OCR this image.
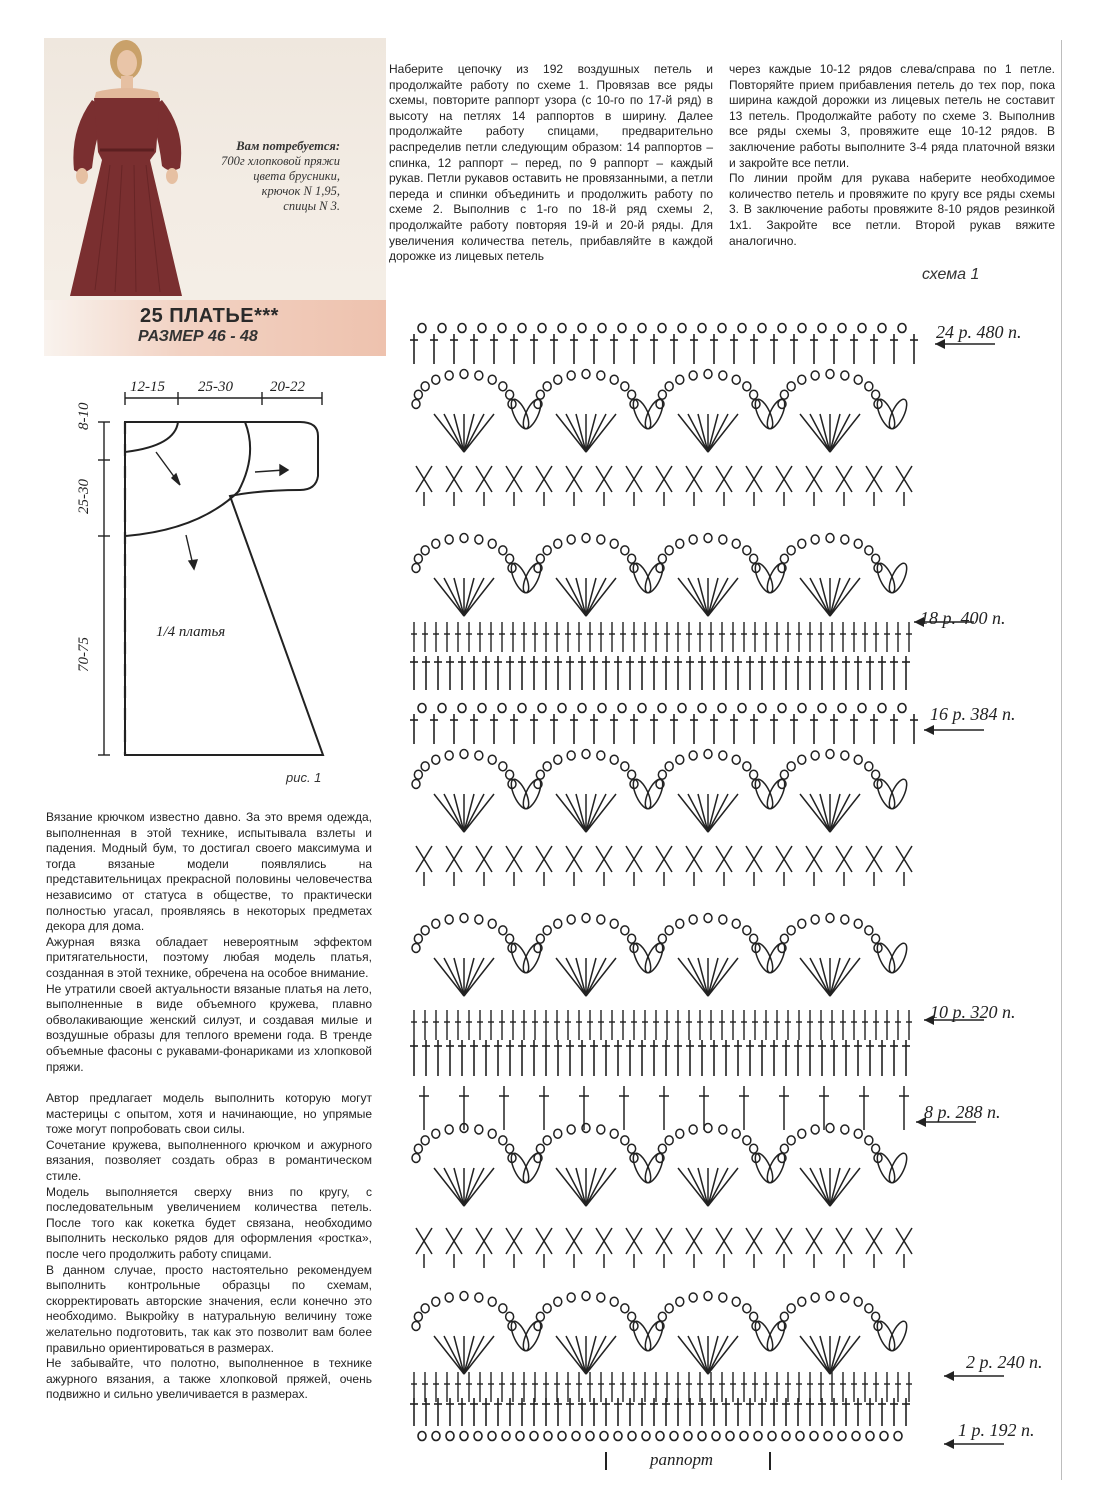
Вам потребуется:
700г хлопковой пряжи
цвета брусники,
крючок N 1,95,
спицы N 3.
25 ПЛАТЬЕ***
РАЗМЕР 46 - 48

Наберите цепочку из 192 воздушных петель и продолжайте работу по схеме 1. Провязав все ряды схемы, повторите раппорт узора (с 10-го по 17-й ряд) в высоту на петлях 14 раппортов в ширину. Далее продолжайте работу спицами, предварительно распределив петли следующим образом: 14 раппортов – спинка, 12 раппорт – перед, по 9 раппорт – каждый рукав. Петли рукавов оставить не провязанными, а петли переда и спинки объединить и продолжить работу по схеме 2. Выполнив с 1-го по 18-й ряд схемы 2, продолжайте работу повторяя 19-й и 20-й ряды. Для увеличения количества петель, прибавляйте в каждой дорожке из лицевых петель

через каждые 10-12 рядов слева/справа по 1 петле. Повторяйте прием прибавления петель до тех пор, пока ширина каждой дорожки из лицевых петель не составит 13 петель. Продолжайте работу по схеме 3. Выполнив все ряды схемы 3, провяжите еще 10-12 рядов. В заключение работы выполните 3-4 ряда платочной вязки и закройте все петли.

По линии пройм для рукава наберите необходимое количество петель и провяжите по кругу все ряды схемы 3. В заключение работы провяжите 8-10 рядов резинкой 1х1. Закройте все петли. Второй рукав вяжите аналогично.

12-15 25-30 20-22
8-10
25-30
70-75
1/4 платья
рис. 1

Вязание крючком известно давно. За это время одежда, выполненная в этой технике, испытывала взлеты и падения. Модный бум, то достигал своего максимума и тогда вязаные модели появлялись на представительницах прекрасной половины человечества независимо от статуса в обществе, то практически полностью угасал, проявляясь в некоторых предметах декора для дома.

Ажурная вязка обладает невероятным эффектом притягательности, поэтому любая модель платья, созданная в этой технике, обречена на особое внимание.

Не утратили своей актуальности вязаные платья на лето, выполненные в виде объемного кружева, плавно обволакивающие женский силуэт, и создавая милые и воздушные образы для теплого времени года. В тренде объемные фасоны с рукавами-фонариками из хлопковой пряжи.

Автор предлагает модель выполнить которую могут мастерицы с опытом, хотя и начинающие, но упрямые тоже могут попробовать свои силы.

Сочетание кружева, выполненного крючком и ажурного вязания, позволяет создать образ в романтическом стиле.

Модель выполняется сверху вниз по кругу, с последовательным увеличением количества петель. После того как кокетка будет связана, необходимо выполнить несколько рядов для оформления «ростка», после чего продолжить работу спицами.

В данном случае, просто настоятельно рекомендуем выполнить контрольные образцы по схемам, скорректировать авторские значения, если конечно это необходимо. Выкройку в натуральную величину тоже желательно подготовить, так как это позволит вам более правильно ориентироваться в размерах.

Не забывайте, что полотно, выполненное в технике ажурного вязания, а также хлопковой пряжей, очень подвижно и сильно увеличивается в размерах.

схема 1
24 р. 480 п.
18 р. 400 п.
16 р. 384 п.
10 р. 320 п.
8 р. 288 п.
2 р. 240 п.
1 р. 192 п.
раппорт
